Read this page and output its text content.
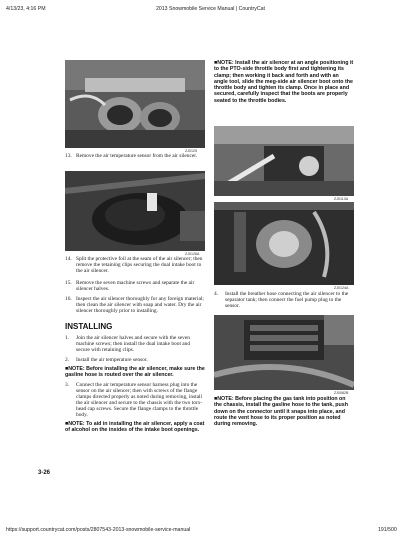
4/13/23, 4:16 PM	2013 Snowmobile Service Manual | CountryCat
ZJ0125
13. Remove the air temperature sensor from the air silencer.
ZJ0126A
14. Split the protective foil at the seam of the air silencer; then remove the retaining clips securing the dual intake boot to the air silencer.
15. Remove the seven machine screws and separate the air silencer halves.
16. Inspect the air silencer thoroughly for any foreign material; then clean the air silencer with soap and water. Dry the air silencer thoroughly prior to installing.
INSTALLING
1. Join the air silencer halves and secure with the seven machine screws; then install the dual intake boot and secure with retaining clips.
2. Install the air temperature sensor.
■NOTE: Before installing the air silencer, make sure the gasline hose is routed over the air silencer.
3. Connect the air temperature sensor harness plug into the sensor on the air silencer; then with screws of the flange clamps directed properly as noted during removing, install the air silencer and secure to the chassis with the two torx-head cap screws. Secure the flange clamps to the throttle body.
■NOTE: To aid in installing the air silencer, apply a coat of alcohol on the insides of the intake boot openings.
3-26
■NOTE: Install the air silencer at an angle positioning it to the PTO-side throttle body first and tightening its clamp; then working it back and forth and with an angle tool, slide the meg-side air silencer boot onto the throttle body and tighten its clamp. Once in place and secured, carefully inspect that the boots are properly seated to the throttle bodies.
ZJ0113A
ZJ0124A
4. Install the breather hose connecting the air silencer to the separator tank; then connect the fuel pump plug to the sensor.
ZJ0082B
■NOTE: Before placing the gas tank into position on the chassis, install the gasline hose to the tank, push down on the connector until it snaps into place, and route the vent hose to its proper position as noted during removing.
https://support.countrycat.com/posts/2807543-2013-snowmobile-service-manual	191/500
